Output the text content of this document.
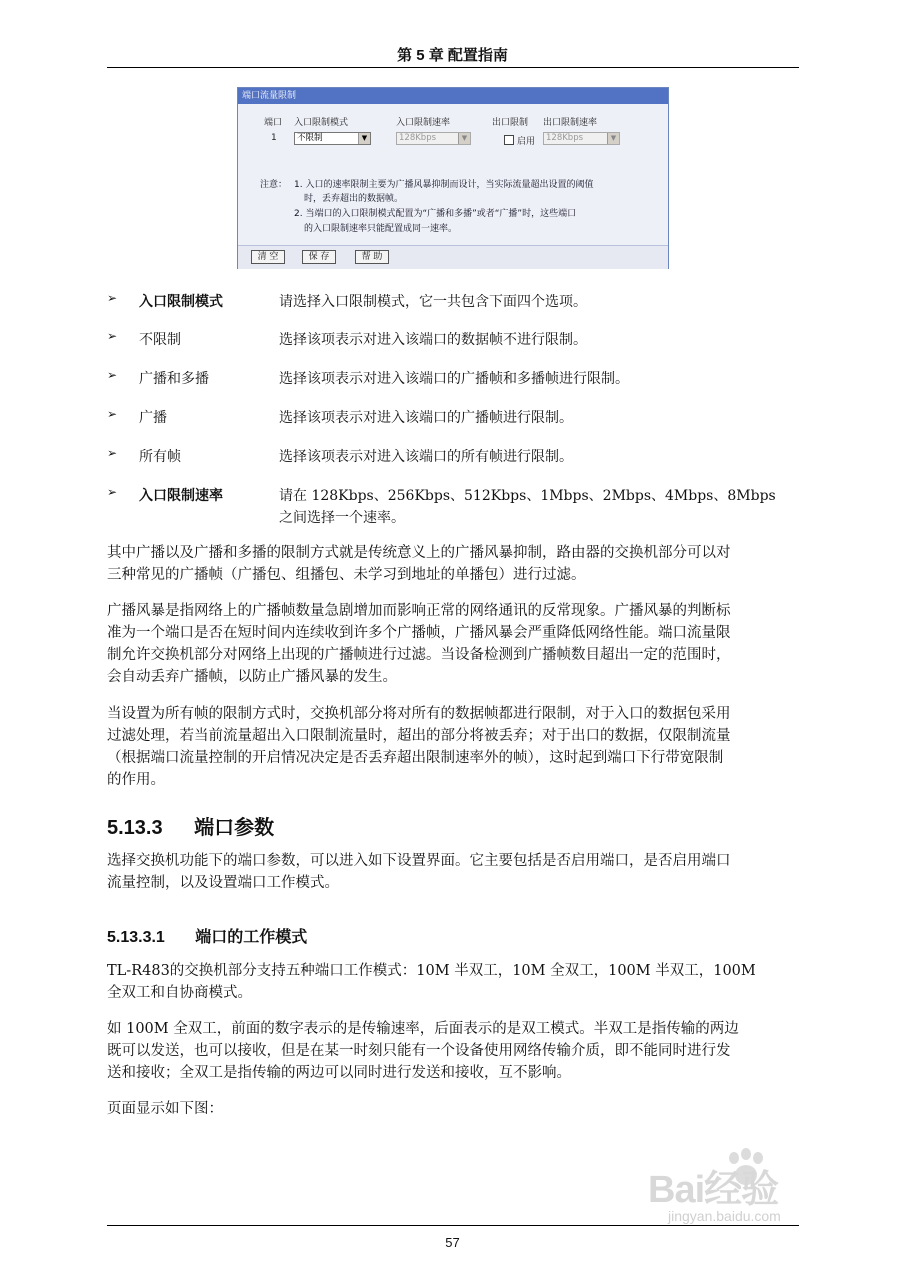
第 5 章 配置指南
端口流量限制
端口 入口限制模式	入口限制速率	出口限制 出口限制速率
1	不限制	▼	128Kbps	▼	启用	128Kbps	▼
注意： 1. 入口的速率限制主要为广播风暴抑制而设计，当实际流量超出设置的阈值
时，丢弃超出的数据帧。
2. 当端口的入口限制模式配置为“广播和多播”或者“广播”时，这些端口
的入口限制速率只能配置成同一速率。
清 空	保 存	帮 助
➢ 入口限制模式	请选择入口限制模式，它一共包含下面四个选项。
➢ 不限制	选择该项表示对进入该端口的数据帧不进行限制。
➢ 广播和多播	选择该项表示对进入该端口的广播帧和多播帧进行限制。
➢ 广播	选择该项表示对进入该端口的广播帧进行限制。
➢ 所有帧	选择该项表示对进入该端口的所有帧进行限制。
➢ 入口限制速率	请在 128Kbps、256Kbps、512Kbps、1Mbps、2Mbps、4Mbps、8Mbps
之间选择一个速率。
其中广播以及广播和多播的限制方式就是传统意义上的广播风暴抑制，路由器的交换机部分可以对
三种常见的广播帧（广播包、组播包、未学习到地址的单播包）进行过滤。
广播风暴是指网络上的广播帧数量急剧增加而影响正常的网络通讯的反常现象。广播风暴的判断标
准为一个端口是否在短时间内连续收到许多个广播帧，广播风暴会严重降低网络性能。端口流量限
制允许交换机部分对网络上出现的广播帧进行过滤。当设备检测到广播帧数目超出一定的范围时，
会自动丢弃广播帧，以防止广播风暴的发生。
当设置为所有帧的限制方式时，交换机部分将对所有的数据帧都进行限制，对于入口的数据包采用
过滤处理，若当前流量超出入口限制流量时，超出的部分将被丢弃；对于出口的数据，仅限制流量
（根据端口流量控制的开启情况决定是否丢弃超出限制速率外的帧），这时起到端口下行带宽限制
的作用。
5.13.3 端口参数
选择交换机功能下的端口参数，可以进入如下设置界面。它主要包括是否启用端口，是否启用端口
流量控制，以及设置端口工作模式。
5.13.3.1 端口的工作模式
TL-R483的交换机部分支持五种端口工作模式：10M 半双工，10M 全双工，100M 半双工，100M
全双工和自协商模式。
如 100M 全双工，前面的数字表示的是传输速率，后面表示的是双工模式。半双工是指传输的两边
既可以发送，也可以接收，但是在某一时刻只能有一个设备使用网络传输介质，即不能同时进行发
送和接收；全双工是指传输的两边可以同时进行发送和接收，互不影响。
页面显示如下图：
Bai经验
jingyan.baidu.com
57
